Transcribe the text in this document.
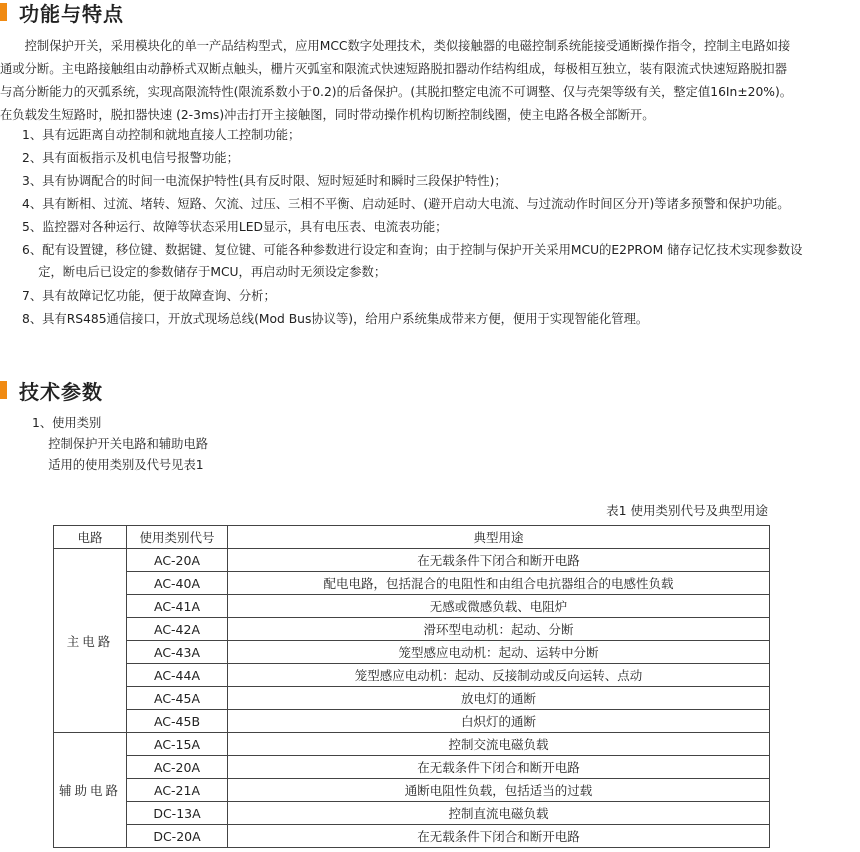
功能与特点
　　控制保护开关，采用模块化的单一产品结构型式，应用MCC数字处理技术，类似接触器的电磁控制系统能接受通断操作指令，控制主电路如接
通或分断。主电路接触组由动静桥式双断点触头，栅片灭弧室和限流式快速短路脱扣器动作结构组成，每极相互独立，装有限流式快速短路脱扣器
与高分断能力的灭弧系统，实现高限流特性(限流系数小于0.2)的后备保护。(其脱扣整定电流不可调整、仅与壳架等级有关，整定值16In±20%)。
在负载发生短路时，脱扣器快速 (2-3ms)冲击打开主接触图，同时带动操作机构切断控制线圈，使主电路各极全部断开。
1、具有远距离自动控制和就地直接人工控制功能；
2、具有面板指示及机电信号报警功能；
3、具有协调配合的时间一电流保护特性(具有反时限、短时短延时和瞬时三段保护特性)；
4、具有断相、过流、堵转、短路、欠流、过压、三相不平衡、启动延时、(避开启动大电流、与过流动作时间区分开)等诸多预警和保护功能。
5、监控器对各种运行、故障等状态采用LED显示，具有电压表、电流表功能；
6、配有设置键，移位键、数据键、复位键、可能各种参数进行设定和查询；由于控制与保护开关采用MCU的E2PROM 储存记忆技术实现参数设
　 定，断电后已设定的参数储存于MCU，再启动时无须设定参数；
7、具有故障记忆功能，便于故障查询、分析；
8、具有RS485通信接口，开放式现场总线(Mod Bus协议等)，给用户系统集成带来方便，便用于实现智能化管理。
技术参数
1、使用类别
　 控制保护开关电路和辅助电路
　 适用的使用类别及代号见表1
表1 使用类别代号及典型用途
电路	使用类别代号	典型用途
主电路	AC-20A	在无载条件下闭合和断开电路
	AC-40A	配电电路，包括混合的电阻性和由组合电抗器组合的电感性负载
	AC-41A	无感或微感负载、电阻炉
	AC-42A	滑环型电动机：起动、分断
	AC-43A	笼型感应电动机：起动、运转中分断
	AC-44A	笼型感应电动机：起动、反接制动或反向运转、点动
	AC-45A	放电灯的通断
	AC-45B	白炽灯的通断
辅助电路	AC-15A	控制交流电磁负载
	AC-20A	在无载条件下闭合和断开电路
	AC-21A	通断电阻性负载，包括适当的过载
	DC-13A	控制直流电磁负载
	DC-20A	在无载条件下闭合和断开电路
